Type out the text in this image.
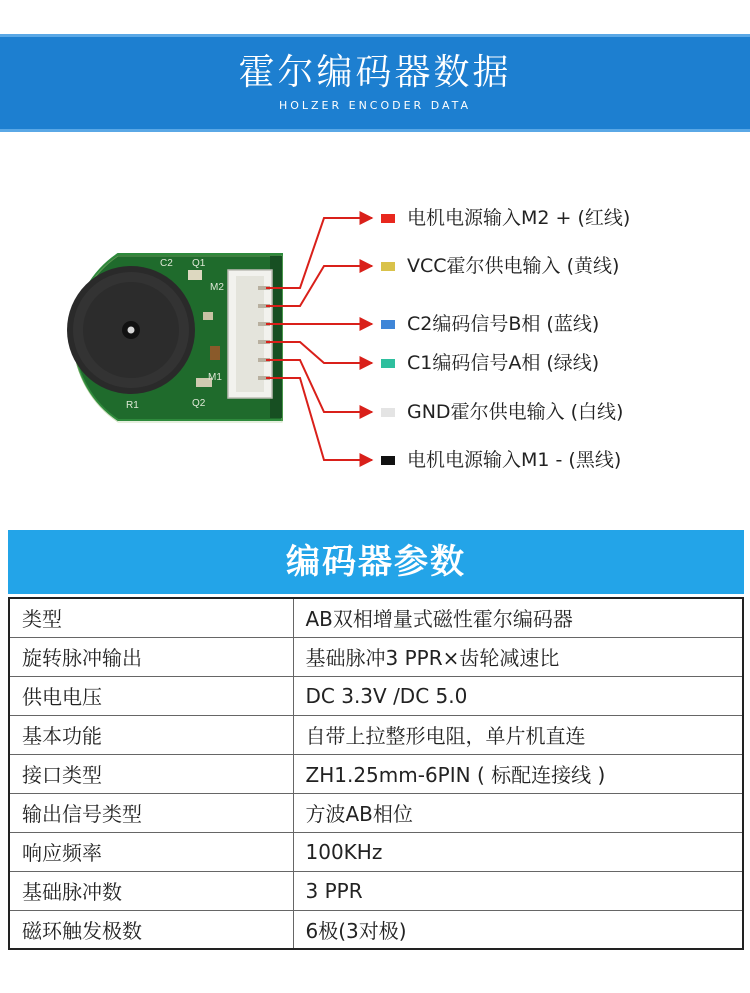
霍尔编码器数据
HOLZER ENCODER DATA
C2 Q1
M2
M1
Q2
R1
电机电源输入M2 + (红线)
VCC霍尔供电输入 (黄线)
C2编码信号B相 (蓝线)
C1编码信号A相 (绿线)
GND霍尔供电输入 (白线)
电机电源输入M1 - (黑线)
编码器参数
类型	AB双相增量式磁性霍尔编码器
旋转脉冲输出	基础脉冲3 PPR×齿轮减速比
供电电压	DC 3.3V /DC 5.0
基本功能	自带上拉整形电阻，单片机直连
接口类型	ZH1.25mm-6PIN ( 标配连接线 )
输出信号类型	方波AB相位
响应频率	100KHz
基础脉冲数	3 PPR
磁环触发极数	6极(3对极)
